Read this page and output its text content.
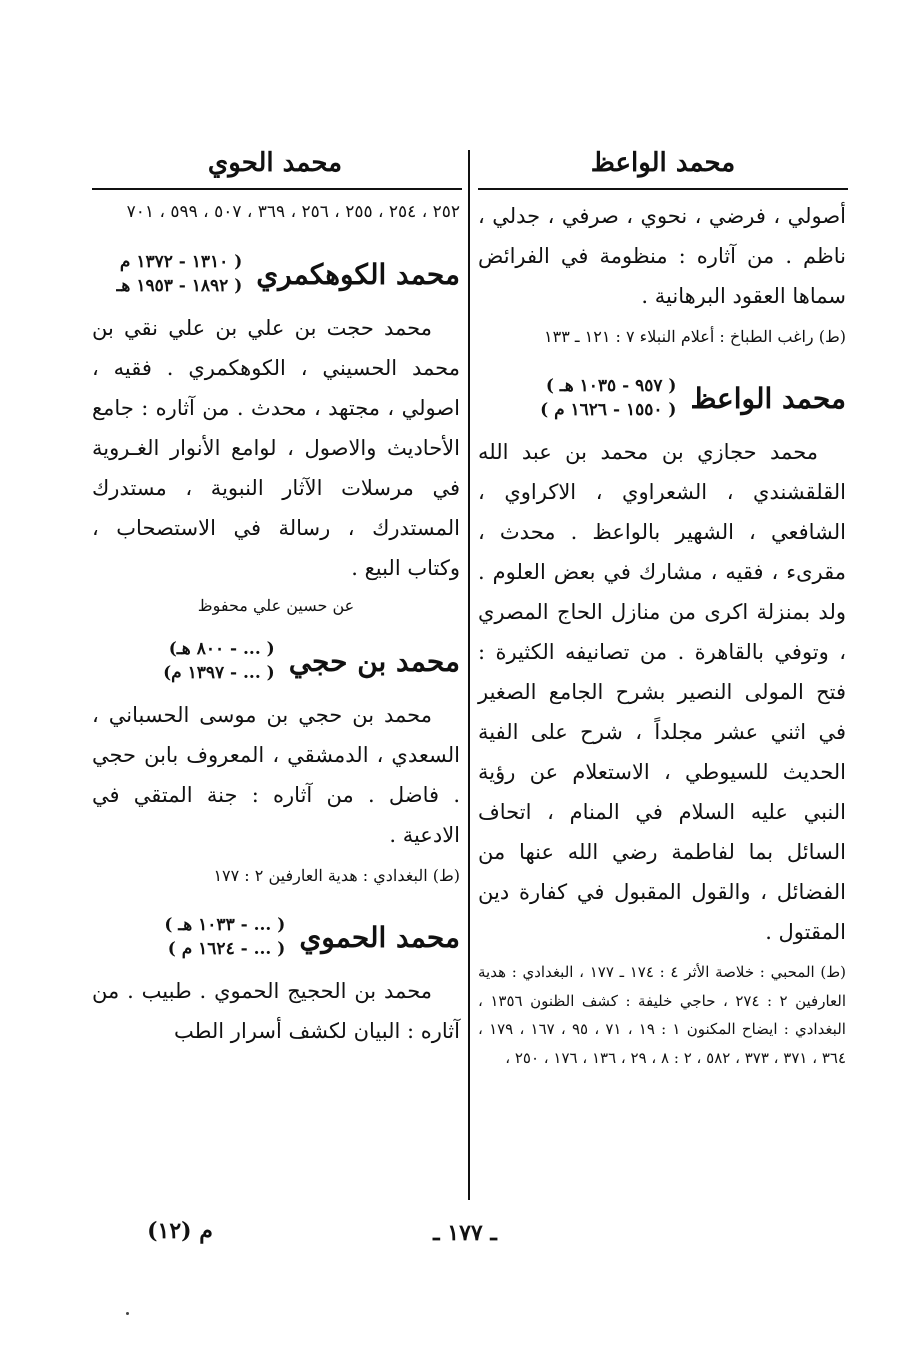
محمد الواعظ
محمد الحوي

أصولي ، فرضي ، نحوي ، صرفي ، جدلي ، ناظم . من آثاره : منظومة في الفرائض سماها العقود البرهانية .

(ط) راغب الطباخ : أعلام النبلاء ٧ : ١٢١ ـ ١٣٣

محمد الواعظ
( ٩٥٧ - ١٠٣٥ هـ )
( ١٥٥٠ - ١٦٢٦ م )

محمد حجازي بن محمد بن عبد الله القلقشندي ، الشعراوي ، الاكراوي ، الشافعي ، الشهير بالواعظ . محدث ، مقرىء ، فقيه ، مشارك في بعض العلوم . ولد بمنزلة اكرى من منازل الحاج المصري ، وتوفي بالقاهرة . من تصانيفه الكثيرة : فتح المولى النصير بشرح الجامع الصغير في اثني عشر مجلداً ، شرح على الفية الحديث للسيوطي ، الاستعلام عن رؤية النبي عليه السلام في المنام ، اتحاف السائل بما لفاطمة رضي الله عنها من الفضائل ، والقول المقبول في كفارة دين المقتول .

(ط) المحبي : خلاصة الأثر ٤ : ١٧٤ ـ ١٧٧ ، البغدادي : هدية العارفين ٢ : ٢٧٤ ، حاجي خليفة : كشف الظنون ١٣٥٦ ، البغدادي : ايضاح المكنون ١ : ١٩ ، ٧١ ، ٩٥ ، ١٦٧ ، ١٧٩ ، ٣٦٤ ، ٣٧١ ، ٣٧٣ ، ٥٨٢ ، ٢ : ٨ ، ٢٩ ، ١٣٦ ، ١٧٦ ، ٢٥٠ ،

٢٥٢ ، ٢٥٤ ، ٢٥٥ ، ٢٥٦ ، ٣٦٩ ، ٥٠٧ ، ٥٩٩ ، ٧٠١

محمد الكوهكمري
( ١٣١٠ - ١٣٧٢ م
( ١٨٩٢ - ١٩٥٣ هـ

محمد حجت بن علي بن علي نقي بن محمد الحسيني ، الكوهكمري . فقيه ، اصولي ، مجتهد ، محدث . من آثاره : جامع الأحاديث والاصول ، لوامع الأنوار الغـروية في مرسلات الآثار النبوية ، مستدرك المستدرك ، رسالة في الاستصحاب ، وكتاب البيع .

عن حسين علي محفوظ
محمد بن حجي
( ... - ٨٠٠ هـ)
( ... - ١٣٩٧ م)

محمد بن حجي بن موسى الحسباني ، السعدي ، الدمشقي ، المعروف بابن حجي . فاضل . من آثاره : جنة المتقي في الادعية .

(ط) البغدادي : هدية العارفين ٢ : ١٧٧

محمد الحموي
( ... - ١٠٣٣ هـ )
( ... - ١٦٢٤ م )

محمد بن الحجيج الحموي . طبيب . من آثاره : البيان لكشف أسرار الطب

ـ ١٧٧ ـ
م (١٢)
